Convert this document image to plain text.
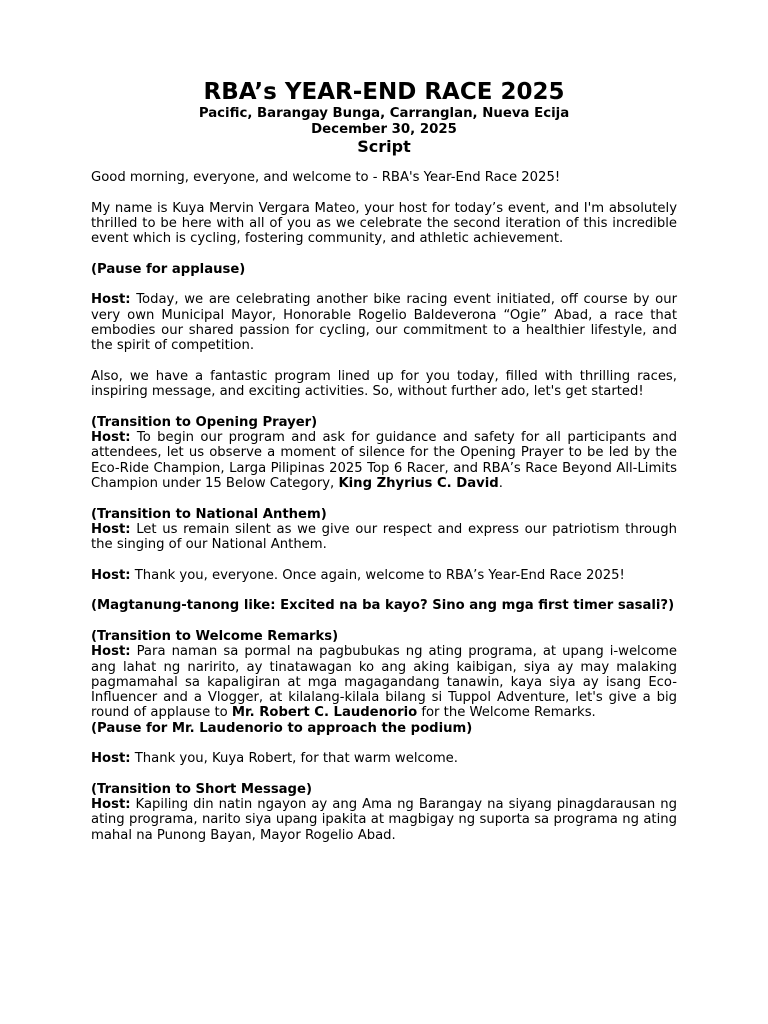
RBA’s YEAR-END RACE 2025
Pacific, Barangay Bunga, Carranglan, Nueva Ecija
December 30, 2025
Script

Good morning, everyone, and welcome to - RBA's Year-End Race 2025!

My name is Kuya Mervin Vergara Mateo, your host for today’s event, and I'm absolutely thrilled to be here with all of you as we celebrate the second iteration of this incredible event which is cycling, fostering community, and athletic achievement.

(Pause for applause)

Host: Today, we are celebrating another bike racing event initiated, off course by our very own Municipal Mayor, Honorable Rogelio Baldeverona “Ogie” Abad, a race that embodies our shared passion for cycling, our commitment to a healthier lifestyle, and the spirit of competition.

Also, we have a fantastic program lined up for you today, filled with thrilling races, inspiring message, and exciting activities. So, without further ado, let's get started!

(Transition to Opening Prayer)

Host: To begin our program and ask for guidance and safety for all participants and attendees, let us observe a moment of silence for the Opening Prayer to be led by the Eco-Ride Champion, Larga Pilipinas 2025 Top 6 Racer, and RBA’s Race Beyond All-Limits Champion under 15 Below Category, King Zhyrius C. David.

(Transition to National Anthem)

Host: Let us remain silent as we give our respect and express our patriotism through the singing of our National Anthem.

Host: Thank you, everyone. Once again, welcome to RBA’s Year-End Race 2025!

(Magtanung-tanong like: Excited na ba kayo? Sino ang mga first timer sasali?)

(Transition to Welcome Remarks)

Host: Para naman sa pormal na pagbubukas ng ating programa, at upang i-welcome ang lahat ng naririto, ay tinatawagan ko ang aking kaibigan, siya ay may malaking pagmamahal sa kapaligiran at mga magagandang tanawin, kaya siya ay isang Eco-Influencer and a Vlogger, at kilalang-kilala bilang si Tuppol Adventure, let's give a big round of applause to Mr. Robert C. Laudenorio for the Welcome Remarks.

(Pause for Mr. Laudenorio to approach the podium)

Host: Thank you, Kuya Robert, for that warm welcome.

(Transition to Short Message)

Host: Kapiling din natin ngayon ay ang Ama ng Barangay na siyang pinagdarausan ng ating programa, narito siya upang ipakita at magbigay ng suporta sa programa ng ating mahal na Punong Bayan, Mayor Rogelio Abad.
